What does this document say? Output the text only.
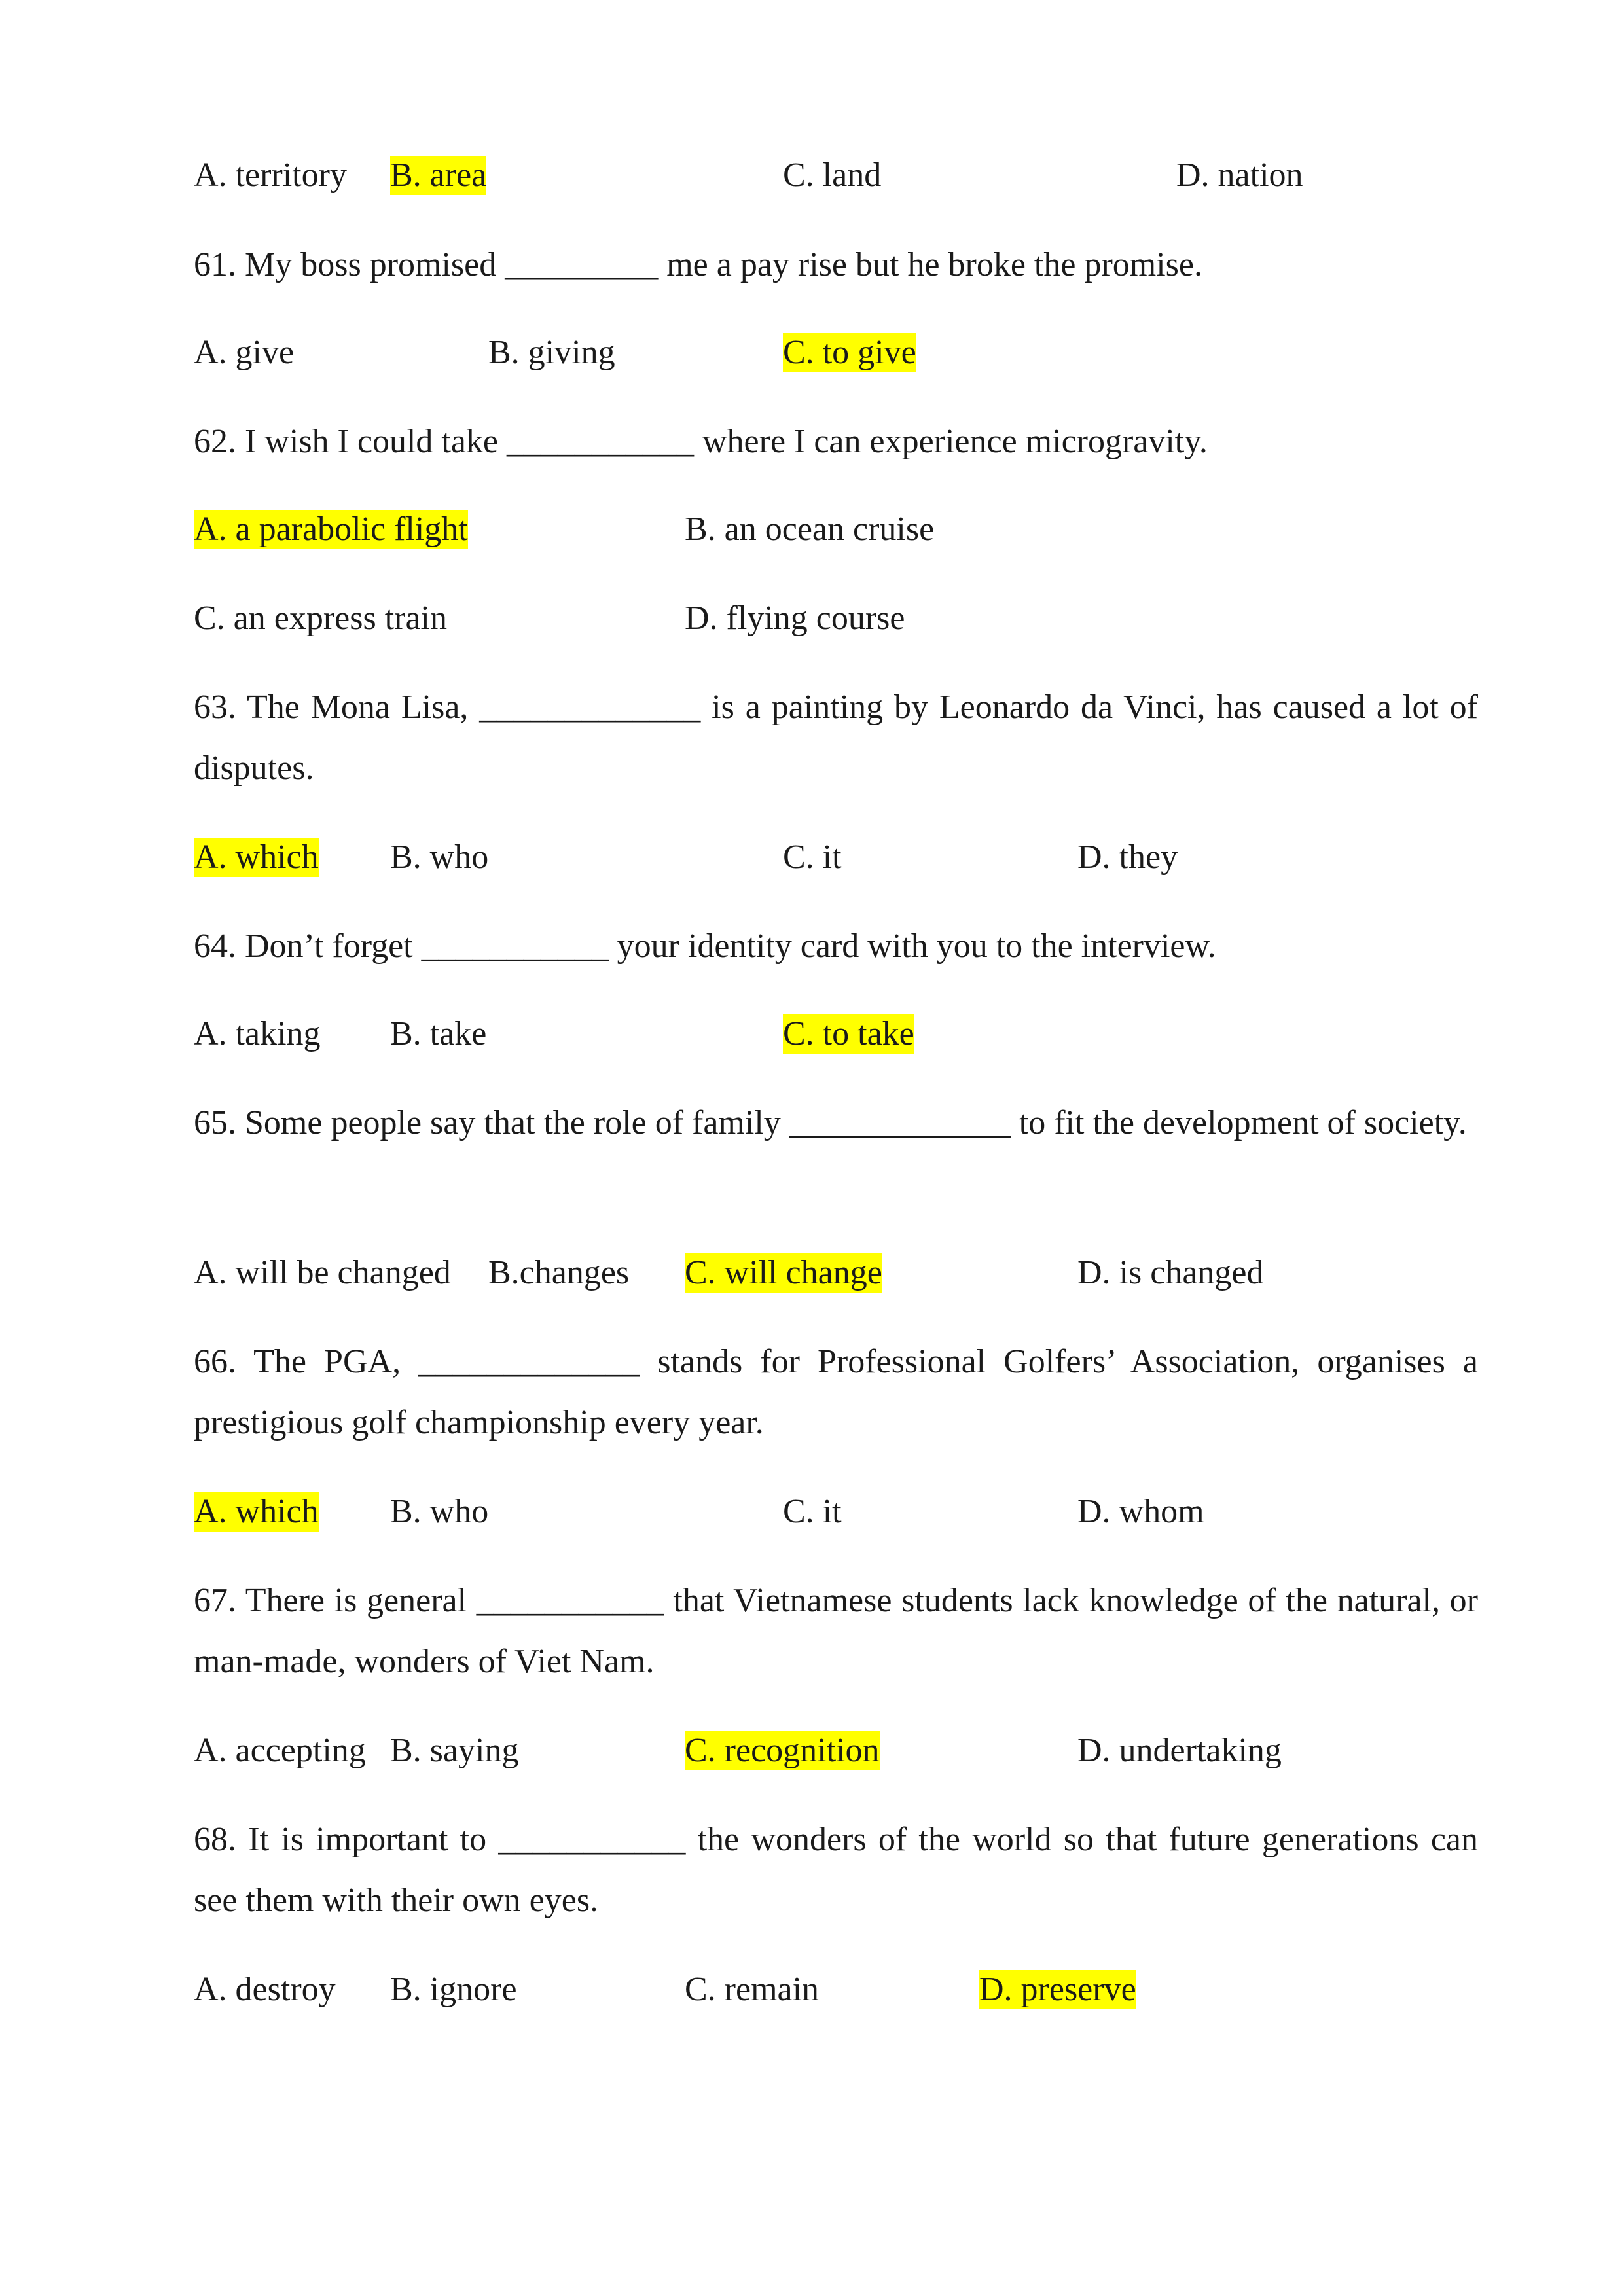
A. territory B. area	C. land	D. nation
61. My boss promised _________ me a pay rise but he broke the promise.
A. give	B. giving	C. to give
62. I wish I could take ___________ where I can experience microgravity.
A. a parabolic flight	B. an ocean cruise
C. an express train	D. flying course
63. The Mona Lisa, _____________ is a painting by Leonardo da Vinci, has caused a lot of disputes.
A. which B. who	C. it	D. they
64. Don’t forget ___________ your identity card with you to the interview.
A. taking B. take	C. to take
65. Some people say that the role of family _____________ to fit the development of society.
A. will be changed B.changes C. will change	D. is changed
66. The PGA, _____________ stands for Professional Golfers’ Association, organises a prestigious golf championship every year.
A. which B. who	C. it	D. whom
67. There is general ___________ that Vietnamese students lack knowledge of the natural, or man-made, wonders of Viet Nam.
A. accepting B. saying	C. recognition	D. undertaking
68. It is important to ___________ the wonders of the world so that future generations can see them with their own eyes.
A. destroy B. ignore	C. remain	D. preserve
